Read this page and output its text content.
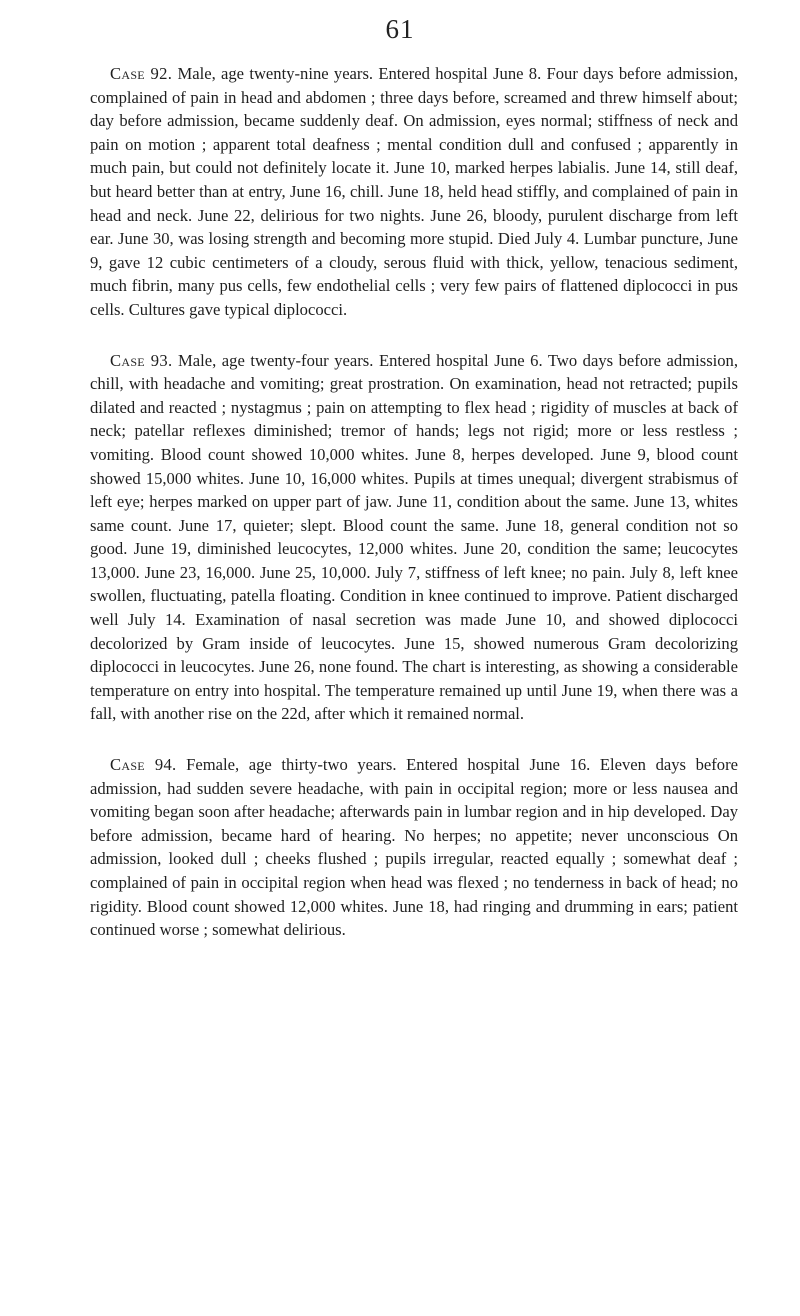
61

Case 92. Male, age twenty-nine years. Entered hospital June 8. Four days before admission, complained of pain in head and abdomen ; three days before, screamed and threw himself about; day before admission, became suddenly deaf. On admission, eyes normal; stiffness of neck and pain on motion ; apparent total deafness ; mental condition dull and confused ; apparently in much pain, but could not definitely locate it. June 10, marked herpes labialis. June 14, still deaf, but heard better than at entry, June 16, chill. June 18, held head stiffly, and complained of pain in head and neck. June 22, delirious for two nights. June 26, bloody, purulent discharge from left ear. June 30, was losing strength and becoming more stupid. Died July 4. Lumbar puncture, June 9, gave 12 cubic centimeters of a cloudy, serous fluid with thick, yellow, tenacious sediment, much fibrin, many pus cells, few endothelial cells ; very few pairs of flattened diplococci in pus cells. Cultures gave typical diplococci.

Case 93. Male, age twenty-four years. Entered hospital June 6. Two days before admission, chill, with headache and vomiting; great prostration. On examination, head not retracted; pupils dilated and reacted ; nystagmus ; pain on attempting to flex head ; rigidity of muscles at back of neck; patellar reflexes diminished; tremor of hands; legs not rigid; more or less restless ; vomiting. Blood count showed 10,000 whites. June 8, herpes developed. June 9, blood count showed 15,000 whites. June 10, 16,000 whites. Pupils at times unequal; divergent strabismus of left eye; herpes marked on upper part of jaw. June 11, condition about the same. June 13, whites same count. June 17, quieter; slept. Blood count the same. June 18, general condition not so good. June 19, diminished leucocytes, 12,000 whites. June 20, condition the same; leucocytes 13,000. June 23, 16,000. June 25, 10,000. July 7, stiffness of left knee; no pain. July 8, left knee swollen, fluctuating, patella floating. Condition in knee continued to improve. Patient discharged well July 14. Examination of nasal secretion was made June 10, and showed diplococci decolorized by Gram inside of leucocytes. June 15, showed numerous Gram decolorizing diplococci in leucocytes. June 26, none found. The chart is interesting, as showing a considerable temperature on entry into hospital. The temperature remained up until June 19, when there was a fall, with another rise on the 22d, after which it remained normal.

Case 94. Female, age thirty-two years. Entered hospital June 16. Eleven days before admission, had sudden severe headache, with pain in occipital region; more or less nausea and vomiting began soon after headache; afterwards pain in lumbar region and in hip developed. Day before admission, became hard of hearing. No herpes; no appetite; never unconscious On admission, looked dull ; cheeks flushed ; pupils irregular, reacted equally ; somewhat deaf ; complained of pain in occipital region when head was flexed ; no tenderness in back of head; no rigidity. Blood count showed 12,000 whites. June 18, had ringing and drumming in ears; patient continued worse ; somewhat delirious.
